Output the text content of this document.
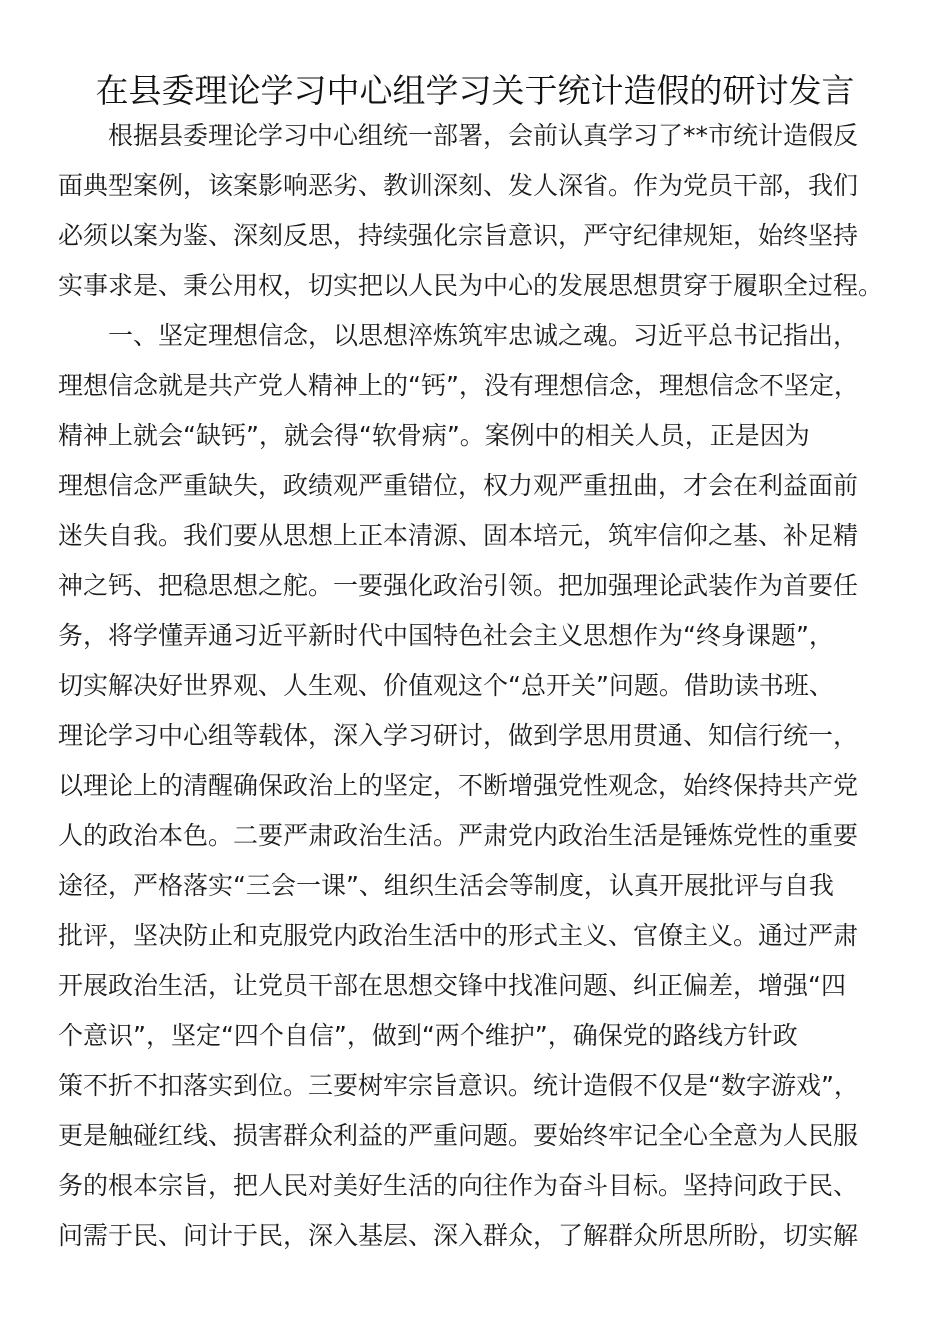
在县委理论学习中心组学习关于统计造假的研讨发言

根据县委理论学习中心组统一部署，会前认真学习了**市统计造假反

面典型案例，该案影响恶劣、教训深刻、发人深省。作为党员干部，我们

必须以案为鉴、深刻反思，持续强化宗旨意识，严守纪律规矩，始终坚持

实事求是、秉公用权，切实把以人民为中心的发展思想贯穿于履职全过程。

一、坚定理想信念，以思想淬炼筑牢忠诚之魂。习近平总书记指出，

理想信念就是共产党人精神上的“钙”，没有理想信念，理想信念不坚定，

精神上就会“缺钙”，就会得“软骨病”。案例中的相关人员，正是因为

理想信念严重缺失，政绩观严重错位，权力观严重扭曲，才会在利益面前

迷失自我。我们要从思想上正本清源、固本培元，筑牢信仰之基、补足精

神之钙、把稳思想之舵。一要强化政治引领。把加强理论武装作为首要任

务，将学懂弄通习近平新时代中国特色社会主义思想作为“终身课题”，

切实解决好世界观、人生观、价值观这个“总开关”问题。借助读书班、

理论学习中心组等载体，深入学习研讨，做到学思用贯通、知信行统一，

以理论上的清醒确保政治上的坚定，不断增强党性观念，始终保持共产党

人的政治本色。二要严肃政治生活。严肃党内政治生活是锤炼党性的重要

途径，严格落实“三会一课”、组织生活会等制度，认真开展批评与自我

批评，坚决防止和克服党内政治生活中的形式主义、官僚主义。通过严肃

开展政治生活，让党员干部在思想交锋中找准问题、纠正偏差，增强“四

个意识”，坚定“四个自信”，做到“两个维护”，确保党的路线方针政

策不折不扣落实到位。三要树牢宗旨意识。统计造假不仅是“数字游戏”，

更是触碰红线、损害群众利益的严重问题。要始终牢记全心全意为人民服

务的根本宗旨，把人民对美好生活的向往作为奋斗目标。坚持问政于民、

问需于民、问计于民，深入基层、深入群众，了解群众所思所盼，切实解
